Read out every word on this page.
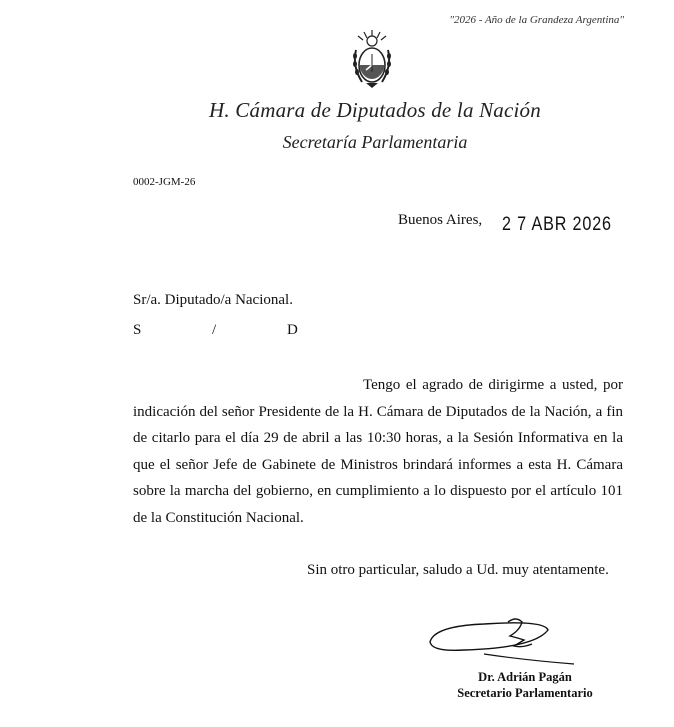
"2026 - Año de la Grandeza Argentina"
H. Cámara de Diputados de la Nación
Secretaría Parlamentaria
0002-JGM-26
Buenos Aires, 2 7 ABR 2026
Sr/a. Diputado/a Nacional.
S	/	D
Tengo el agrado de dirigirme a usted, por indicación del señor Presidente de la H. Cámara de Diputados de la Nación, a fin de citarlo para el día 29 de abril a las 10:30 horas, a la Sesión Informativa en la que el señor Jefe de Gabinete de Ministros brindará informes a esta H. Cámara sobre la marcha del gobierno, en cumplimiento a lo dispuesto por el artículo 101 de la Constitución Nacional.
Sin otro particular, saludo a Ud. muy atentamente.
Dr. Adrián Pagán
Secretario Parlamentario
